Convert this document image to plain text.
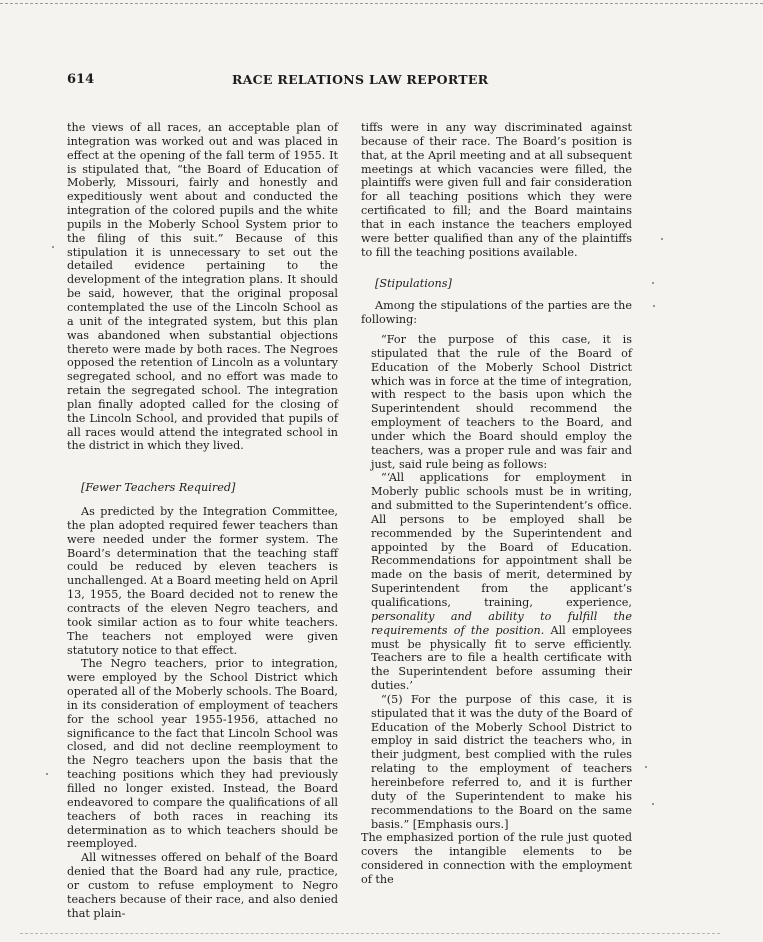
614	RACE RELATIONS LAW REPORTER

the views of all races, an acceptable plan of integration was worked out and was placed in effect at the opening of the fall term of 1955. It is stipulated that, “the Board of Education of Moberly, Missouri, fairly and honestly and expeditiously went about and conducted the integration of the colored pupils and the white pupils in the Moberly School System prior to the filing of this suit.” Because of this stipulation it is unnecessary to set out the detailed evidence pertaining to the development of the integration plans. It should be said, however, that the original proposal contemplated the use of the Lincoln School as a unit of the integrated system, but this plan was abandoned when substantial objections thereto were made by both races. The Negroes opposed the retention of Lincoln as a voluntary segregated school, and no effort was made to retain the segregated school. The integration plan finally adopted called for the closing of the Lincoln School, and provided that pupils of all races would attend the integrated school in the district in which they lived.

[Fewer Teachers Required]

As predicted by the Integration Committee, the plan adopted required fewer teachers than were needed under the former system. The Board’s determination that the teaching staff could be reduced by eleven teachers is unchallenged. At a Board meeting held on April 13, 1955, the Board decided not to renew the contracts of the eleven Negro teachers, and took similar action as to four white teachers. The teachers not employed were given statutory notice to that effect.

The Negro teachers, prior to integration, were employed by the School District which operated all of the Moberly schools. The Board, in its consideration of employment of teachers for the school year 1955-1956, attached no significance to the fact that Lincoln School was closed, and did not decline reemployment to the Negro teachers upon the basis that the teaching positions which they had previously filled no longer existed. Instead, the Board endeavored to compare the qualifications of all teachers of both races in reaching its determination as to which teachers should be reemployed.

All witnesses offered on behalf of the Board denied that the Board had any rule, practice, or custom to refuse employment to Negro teachers because of their race, and also denied that plain-

tiffs were in any way discriminated against because of their race. The Board’s position is that, at the April meeting and at all subsequent meetings at which vacancies were filled, the plaintiffs were given full and fair consideration for all teaching positions which they were certificated to fill; and the Board maintains that in each instance the teachers employed were better qualified than any of the plaintiffs to fill the teaching positions available.

[Stipulations]

Among the stipulations of the parties are the following:

“For the purpose of this case, it is stipulated that the rule of the Board of Education of the Moberly School District which was in force at the time of integration, with respect to the basis upon which the Superintendent should recommend the employment of teachers to the Board, and under which the Board should employ the teachers, was a proper rule and was fair and just, said rule being as follows:

“‘All applications for employment in Moberly public schools must be in writing, and submitted to the Superintendent’s office. All persons to be employed shall be recommended by the Superintendent and appointed by the Board of Education. Recommendations for appointment shall be made on the basis of merit, determined by Superintendent from the applicant’s qualifications, training, experience, personality and ability to fulfill the requirements of the position. All employees must be physically fit to serve efficiently. Teachers are to file a health certificate with the Superintendent before assuming their duties.’

“(5) For the purpose of this case, it is stipulated that it was the duty of the Board of Education of the Moberly School District to employ in said district the teachers who, in their judgment, best complied with the rules relating to the employment of teachers hereinbefore referred to, and it is further duty of the Superintendent to make his recommendations to the Board on the same basis.” [Emphasis ours.]

The emphasized portion of the rule just quoted covers the intangible elements to be considered in connection with the employment of the
